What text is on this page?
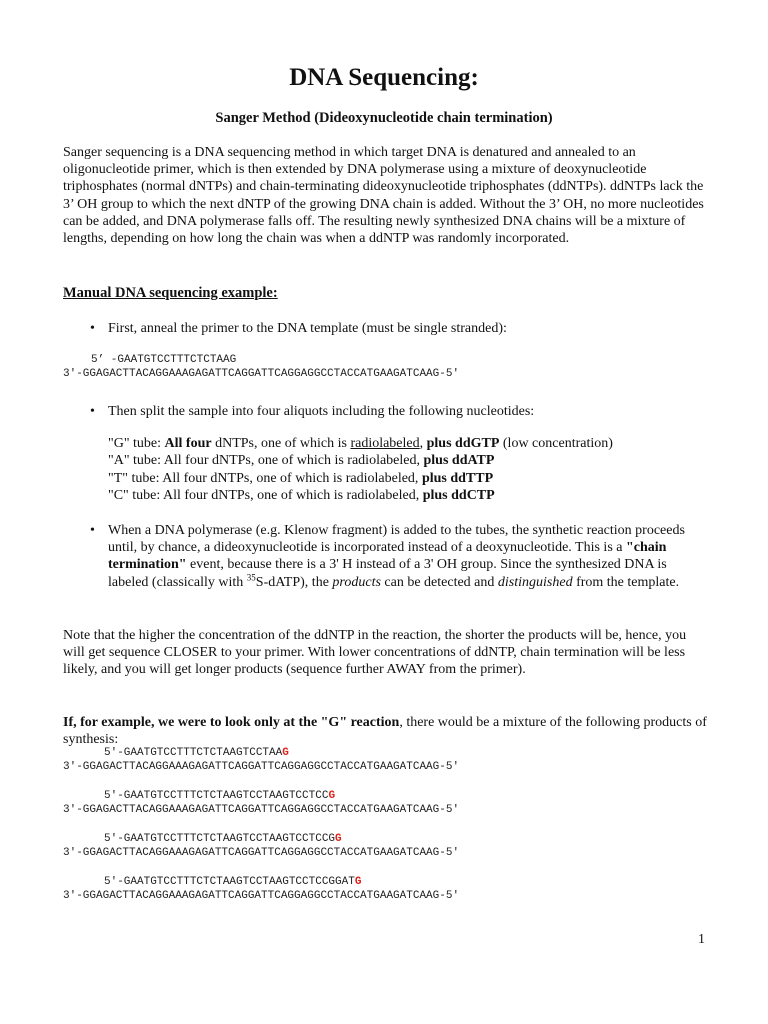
DNA Sequencing:
Sanger Method (Dideoxynucleotide chain termination)
Sanger sequencing is a DNA sequencing method in which target DNA is denatured and annealed to an oligonucleotide primer, which is then extended by DNA polymerase using a mixture of deoxynucleotide triphosphates (normal dNTPs) and chain-terminating dideoxynucleotide triphosphates (ddNTPs). ddNTPs lack the 3’ OH group to which the next dNTP of the growing DNA chain is added. Without the 3’ OH, no more nucleotides can be added, and DNA polymerase falls off. The resulting newly synthesized DNA chains will be a mixture of lengths, depending on how long the chain was when a ddNTP was randomly incorporated.
Manual DNA sequencing example:
• First, anneal the primer to the DNA template (must be single stranded):
5’ -GAATGTCCTTTCTCTAAG
3'-GGAGACTTACAGGAAAGAGATTCAGGATTCAGGAGGCCTACCATGAAGATCAAG-5'
• Then split the sample into four aliquots including the following nucleotides:
"G" tube: All four dNTPs, one of which is radiolabeled, plus ddGTP (low concentration)
"A" tube: All four dNTPs, one of which is radiolabeled, plus ddATP
"T" tube: All four dNTPs, one of which is radiolabeled, plus ddTTP
"C" tube: All four dNTPs, one of which is radiolabeled, plus ddCTP
• When a DNA polymerase (e.g. Klenow fragment) is added to the tubes, the synthetic reaction proceeds until, by chance, a dideoxynucleotide is incorporated instead of a deoxynucleotide. This is a "chain termination" event, because there is a 3' H instead of a 3' OH group. Since the synthesized DNA is labeled (classically with $^{35}$S-dATP), the products can be detected and distinguished from the template.
Note that the higher the concentration of the ddNTP in the reaction, the shorter the products will be, hence, you will get sequence CLOSER to your primer. With lower concentrations of ddNTP, chain termination will be less likely, and you will get longer products (sequence further AWAY from the primer).
If, for example, we were to look only at the "G" reaction, there would be a mixture of the following products of synthesis:
5'-GAATGTCCTTTCTCTAAGTCCTAAG
3'-GGAGACTTACAGGAAAGAGATTCAGGATTCAGGAGGCCTACCATGAAGATCAAG-5'
5'-GAATGTCCTTTCTCTAAGTCCTAAGTCCTCCG
3'-GGAGACTTACAGGAAAGAGATTCAGGATTCAGGAGGCCTACCATGAAGATCAAG-5'
5'-GAATGTCCTTTCTCTAAGTCCTAAGTCCTCCGG
3'-GGAGACTTACAGGAAAGAGATTCAGGATTCAGGAGGCCTACCATGAAGATCAAG-5'
5'-GAATGTCCTTTCTCTAAGTCCTAAGTCCTCCGGATG
3'-GGAGACTTACAGGAAAGAGATTCAGGATTCAGGAGGCCTACCATGAAGATCAAG-5'
1
